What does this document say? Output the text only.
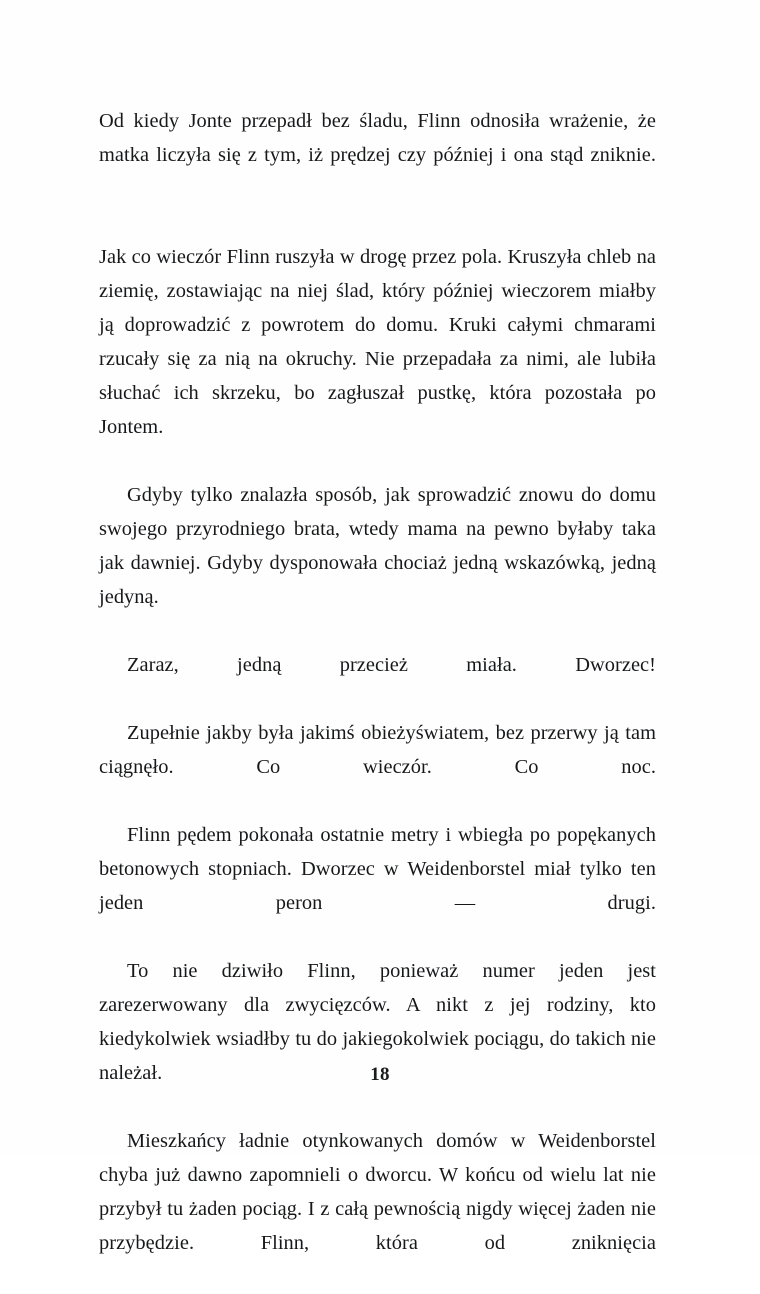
Od kiedy Jonte przepadł bez śladu, Flinn odnosiła wrażenie, że matka liczyła się z tym, iż prędzej czy później i ona stąd zniknie.

Jak co wieczór Flinn ruszyła w drogę przez pola. Kruszyła chleb na ziemię, zostawiając na niej ślad, który później wieczorem miałby ją doprowadzić z powrotem do domu. Kruki całymi chmarami rzucały się za nią na okruchy. Nie przepadała za nimi, ale lubiła słuchać ich skrzeku, bo zagłuszał pustkę, która pozostała po Jontem.

Gdyby tylko znalazła sposób, jak sprowadzić znowu do domu swojego przyrodniego brata, wtedy mama na pewno byłaby taka jak dawniej. Gdyby dysponowała chociaż jedną wskazówką, jedną jedyną.

Zaraz, jedną przecież miała. Dworzec!

Zupełnie jakby była jakimś obieżyświatem, bez przerwy ją tam ciągnęło. Co wieczór. Co noc.

Flinn pędem pokonała ostatnie metry i wbiegła po popękanych betonowych stopniach. Dworzec w Weidenborstel miał tylko ten jeden peron — drugi.

To nie dziwiło Flinn, ponieważ numer jeden jest zarezerwowany dla zwycięzców. A nikt z jej rodziny, kto kiedykolwiek wsiadłby tu do jakiegokolwiek pociągu, do takich nie należał.

Mieszkańcy ładnie otynkowanych domów w Weidenborstel chyba już dawno zapomnieli o dworcu. W końcu od wielu lat nie przybył tu żaden pociąg. I z całą pewnością nigdy więcej żaden nie przybędzie. Flinn, która od zniknięcia

18
